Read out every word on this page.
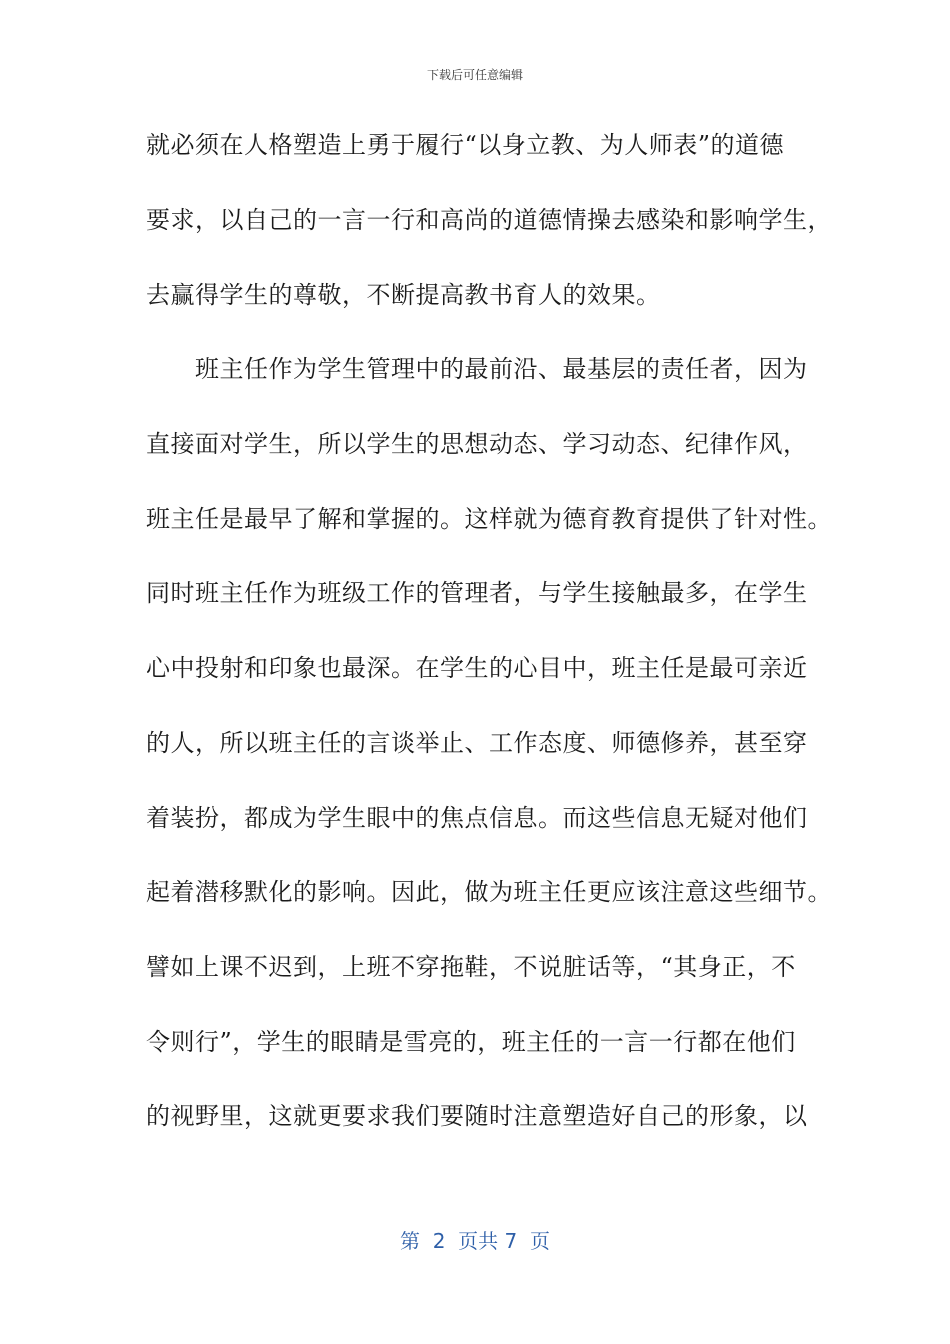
下载后可任意编辑
就必须在人格塑造上勇于履行“以身立教、为人师表”的道德
要求，以自己的一言一行和高尚的道德情操去感染和影响学生，
去赢得学生的尊敬，不断提高教书育人的效果。
　　班主任作为学生管理中的最前沿、最基层的责任者，因为
直接面对学生，所以学生的思想动态、学习动态、纪律作风，
班主任是最早了解和掌握的。这样就为德育教育提供了针对性。
同时班主任作为班级工作的管理者，与学生接触最多，在学生
心中投射和印象也最深。在学生的心目中，班主任是最可亲近
的人，所以班主任的言谈举止、工作态度、师德修养，甚至穿
着装扮，都成为学生眼中的焦点信息。而这些信息无疑对他们
起着潜移默化的影响。因此，做为班主任更应该注意这些细节。
譬如上课不迟到，上班不穿拖鞋，不说脏话等，“其身正，不
令则行”，学生的眼睛是雪亮的，班主任的一言一行都在他们
的视野里，这就更要求我们要随时注意塑造好自己的形象，以
第  2  页共 7  页
